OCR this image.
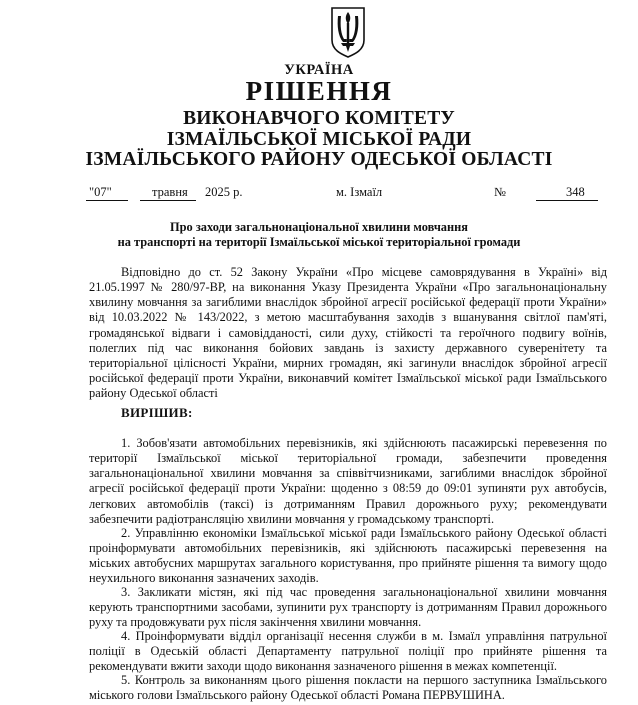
УКРАЇНА
РІШЕННЯ
ВИКОНАВЧОГО КОМІТЕТУ
ІЗМАЇЛЬСЬКОЇ МІСЬКОЇ РАДИ
ІЗМАЇЛЬСЬКОГО РАЙОНУ ОДЕСЬКОЇ ОБЛАСТІ
"07"	травня 2025 р.	м. Ізмаїл	№	348
Про заходи загальнонаціональної хвилини мовчання
на транспорті на території Ізмаїльської міської територіальної громади

Відповідно до ст. 52 Закону України «Про місцеве самоврядування в Україні» від 21.05.1997 № 280/97-ВР, на виконання Указу Президента України «Про загальнонаціональну хвилину мовчання за загиблими внаслідок збройної агресії російської федерації проти України» від 10.03.2022 № 143/2022, з метою масштабування заходів з вшанування світлої пам'яті, громадянської відваги і самовідданості, сили духу, стійкості та героїчного подвигу воїнів, полеглих під час виконання бойових завдань із захисту державного суверенітету та територіальної цілісності України, мирних громадян, які загинули внаслідок збройної агресії російської федерації проти України, виконавчий комітет Ізмаїльської міської ради Ізмаїльського району Одеської області

ВИРІШИВ:

1. Зобов'язати автомобільних перевізників, які здійснюють пасажирські перевезення по території Ізмаїльської міської територіальної громади, забезпечити проведення загальнонаціональної хвилини мовчання за співвітчизниками, загиблими внаслідок збройної агресії російської федерації проти України: щоденно з 08:59 до 09:01 зупиняти рух автобусів, легкових автомобілів (таксі) із дотриманням Правил дорожнього руху; рекомендувати забезпечити радіотрансляцію хвилини мовчання у громадському транспорті.

2. Управлінню економіки Ізмаїльської міської ради Ізмаїльського району Одеської області проінформувати автомобільних перевізників, які здійснюють пасажирські перевезення на міських автобусних маршрутах загального користування, про прийняте рішення та вимогу щодо неухильного виконання зазначених заходів.

3. Закликати містян, які під час проведення загальнонаціональної хвилини мовчання керують транспортними засобами, зупинити рух транспорту із дотриманням Правил дорожнього руху та продовжувати рух після закінчення хвилини мовчання.

4. Проінформувати відділ організації несення служби в м. Ізмаїл управління патрульної поліції в Одеській області Департаменту патрульної поліції про прийняте рішення та рекомендувати вжити заходи щодо виконання зазначеного рішення в межах компетенції.

5. Контроль за виконанням цього рішення покласти на першого заступника Ізмаїльського міського голови Ізмаїльського району Одеської області Романа ПЕРВУШИНА.
